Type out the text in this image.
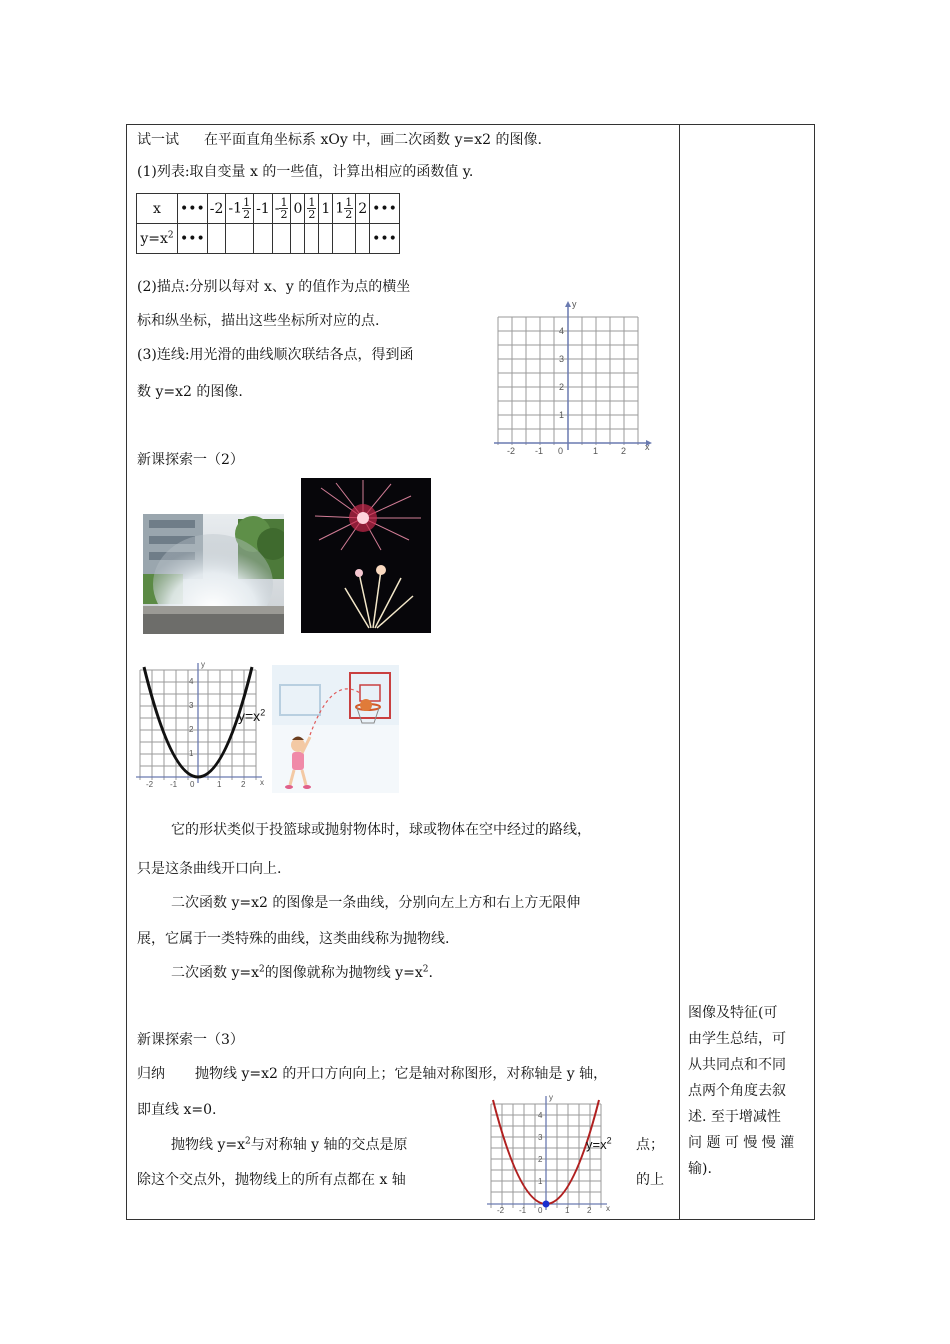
试一试 在平面直角坐标系 xOy 中，画二次函数 y=x2 的图像.
(1)列表:取自变量 x 的一些值，计算出相应的函数值 y.
x	•••	-2	$-1 \frac{1}{2}$	-1	- $\frac{1}{2}$	0	$\frac{1}{2}$	1	$1 \frac{1}{2}$	2	•••
$y=x^2$	•••										•••
(2)描点:分别以每对 x、y 的值作为点的横坐
标和纵坐标，描出这些坐标所对应的点.
(3)连线:用光滑的曲线顺次联结各点，得到函
数 y=x2 的图像.
y
x
-2 -1 0	1	2
1
2
3
4
新课探索一（2）
y
x
-2 -1 0	1 2
1
2
3
4
$y=x^2$
它的形状类似于投篮球或抛射物体时，球或物体在空中经过的路线，
只是这条曲线开口向上.
二次函数 y=x2 的图像是一条曲线，分别向左上方和右上方无限伸
展，它属于一类特殊的曲线，这类曲线称为抛物线.
二次函数 $y=x^2$的图像就称为抛物线 $y=x^2$.
新课探索一（3）
归纳 抛物线 y=x2 的开口方向向上；它是轴对称图形，对称轴是 y 轴，
即直线 x=0.
抛物线 $y=x^2$与对称轴 y 轴的交点是原	点；
除这个交点外，抛物线上的所有点都在 x 轴	的上
y
x
-2 -1 0	1 2
1
2
3
4
$y=x^2$
图像及特征(可
由学生总结，可
从共同点和不同
点两个角度去叙
述. 至于增减性
问 题 可 慢 慢 灌
输).
